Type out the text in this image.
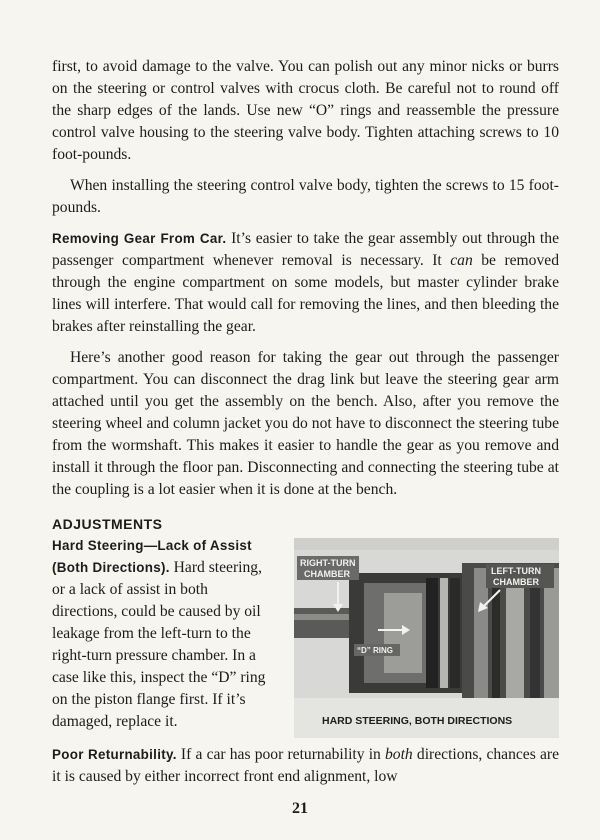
first, to avoid damage to the valve. You can polish out any minor nicks or burrs on the steering or control valves with crocus cloth. Be careful not to round off the sharp edges of the lands. Use new “O” rings and reassemble the pressure control valve housing to the steering valve body. Tighten attaching screws to 10 foot-pounds.

When installing the steering control valve body, tighten the screws to 15 foot-pounds.

Removing Gear From Car. It’s easier to take the gear assembly out through the passenger compartment whenever removal is necessary. It can be removed through the engine compartment on some models, but master cylinder brake lines will interfere. That would call for removing the lines, and then bleeding the brakes after reinstalling the gear.

Here’s another good reason for taking the gear out through the passenger compartment. You can disconnect the drag link but leave the steering gear arm attached until you get the assembly on the bench. Also, after you remove the steering wheel and column jacket you do not have to disconnect the steering tube from the wormshaft. This makes it easier to handle the gear as you remove and install it through the floor pan. Disconnecting and connecting the steering tube at the coupling is a lot easier when it is done at the bench.

ADJUSTMENTS

Hard Steering—Lack of Assist (Both Directions). Hard steering, or a lack of assist in both directions, could be caused by oil leakage from the left-turn to the right-turn pressure chamber. In a case like this, inspect the “D” ring on the piston flange first. If it’s damaged, replace it.

RIGHT-TURN
CHAMBER	LEFT-TURN
CHAMBER
“D” RING
HARD STEERING, BOTH DIRECTIONS

Poor Returnability. If a car has poor returnability in both directions, chances are it is caused by either incorrect front end alignment, low

21
